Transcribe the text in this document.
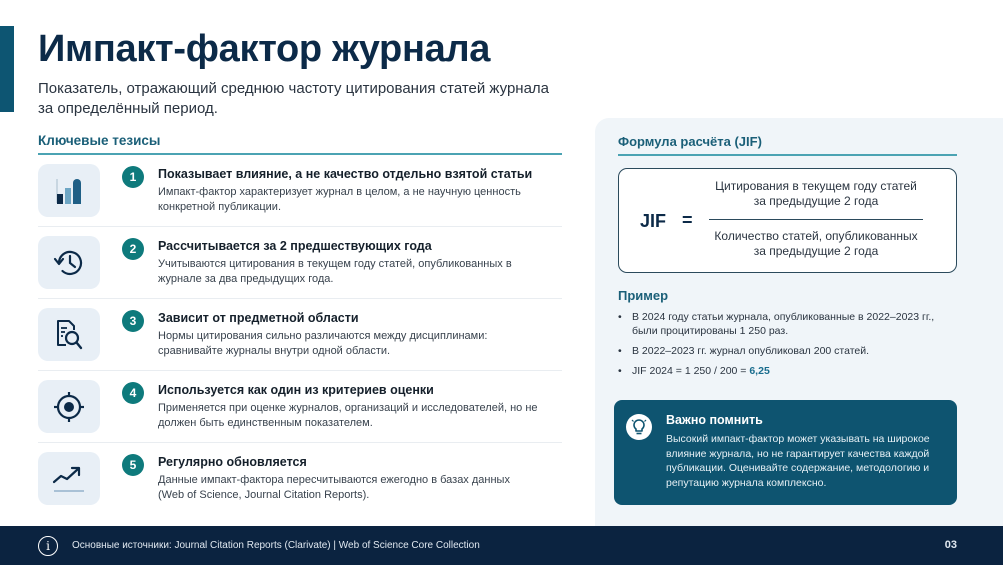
Импакт-фактор журнала

Показатель, отражающий среднюю частоту цитирования статей журнала за определённый период.

Ключевые тезисы
1	Показывает влияние, а не качество отдельно взятой статьи
Импакт-фактор характеризует журнал в целом, а не научную ценность конкретной публикации.
2	Рассчитывается за 2 предшествующих года
Учитываются цитирования в текущем году статей, опубликованных в журнале за два предыдущих года.
3	Зависит от предметной области
Нормы цитирования сильно различаются между дисциплинами: сравнивайте журналы внутри одной области.
4	Используется как один из критериев оценки
Применяется при оценке журналов, организаций и исследователей, но не должен быть единственным показателем.
5	Регулярно обновляется
Данные импакт-фактора пересчитываются ежегодно в базах данных (Web of Science, Journal Citation Reports).
Формула расчёта (JIF)
JIF =
Цитирования в текущем году статей за предыдущие 2 года
Количество статей, опубликованных за предыдущие 2 года
Пример
• В 2024 году статьи журнала, опубликованные в 2022–2023 гг., были процитированы 1 250 раз.
• В 2022–2023 гг. журнал опубликовал 200 статей.
• JIF 2024 = 1 250 / 200 = 6,25
Важно помнить
Высокий импакт-фактор может указывать на широкое влияние журнала, но не гарантирует качества каждой публикации. Оценивайте содержание, методологию и репутацию журнала комплексно.
i	Основные источники: Journal Citation Reports (Clarivate) | Web of Science Core Collection	03
